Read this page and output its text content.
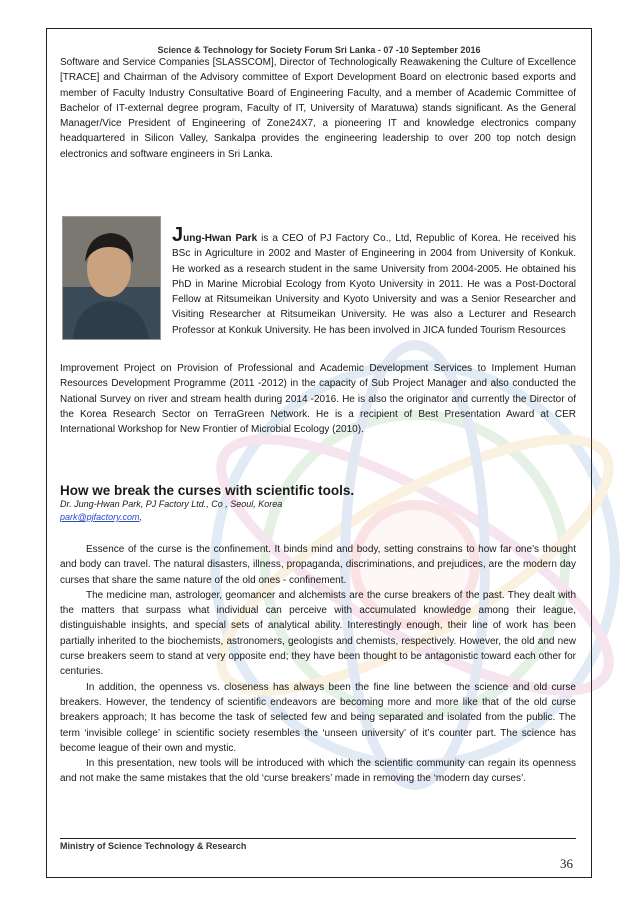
Science & Technology for Society Forum Sri Lanka - 07 -10 September 2016

Software and Service Companies [SLASSCOM], Director of Technologically Reawakening the Culture of Excellence [TRACE] and Chairman of the Advisory committee of Export Development Board on electronic based exports and member of Faculty Industry Consultative Board of Engineering Faculty, and a member of Academic Committee of Bachelor of IT-external degree program, Faculty of IT, University of Maratuwa) stands significant. As the General Manager/Vice President of Engineering of Zone24X7, a pioneering IT and knowledge electronics company headquartered in Silicon Valley, Sankalpa provides the engineering leadership to over 200 top notch design electronics and software engineers in Sri Lanka.

Jung-Hwan Park is a CEO of PJ Factory Co., Ltd, Republic of Korea. He received his BSc in Agriculture in 2002 and Master of Engineering in 2004 from University of Konkuk. He worked as a research student in the same University from 2004-2005. He obtained his PhD in Marine Microbial Ecology from Kyoto University in 2011. He was a Post-Doctoral Fellow at Ritsumeikan University and Kyoto University and was a Senior Researcher and Visiting Researcher at Ritsumeikan University. He was also a Lecturer and Research Professor at Konkuk University. He has been involved in JICA funded Tourism Resources

Improvement Project on Provision of Professional and Academic Development Services to Implement Human Resources Development Programme (2011 -2012) in the capacity of Sub Project Manager and also conducted the National Survey on river and stream health during 2014 -2016. He is also the originator and currently the Director of the Korea Research Sector on TerraGreen Network. He is a recipient of Best Presentation Award at CER International Workshop for New Frontier of Microbial Ecology (2010).

How we break the curses with scientific tools.
Dr. Jung-Hwan Park, PJ Factory Ltd., Co , Seoul, Korea
park@pjfactory.com,

Essence of the curse is the confinement. It binds mind and body, setting constrains to how far one’s thought and body can travel. The natural disasters, illness, propaganda, discriminations, and prejudices, are the modern day curses that share the same nature of the old ones - confinement.

The medicine man, astrologer, geomancer and alchemists are the curse breakers of the past. They dealt with the matters that surpass what individual can perceive with accumulated knowledge among their league, distinguishable insights, and special sets of analytical ability. Interestingly enough, their line of work has been partially inherited to the biochemists, astronomers, geologists and chemists, respectively. However, the old and new curse breakers seem to stand at very opposite end; they have been thought to be antagonistic toward each other for centuries.

In addition, the openness vs. closeness has always been the fine line between the science and old curse breakers. However, the tendency of scientific endeavors are becoming more and more like that of the old curse breakers approach; It has become the task of selected few and being separated and isolated from the public. The term ‘invisible college’ in scientific society resembles the ‘unseen university’ of it’s counter part. The science has become league of their own and mystic.

In this presentation, new tools will be introduced with which the scientific community can regain its openness and not make the same mistakes that the old ‘curse breakers’ made in removing the ‘modern day curses’.

Ministry of Science Technology & Research
36
